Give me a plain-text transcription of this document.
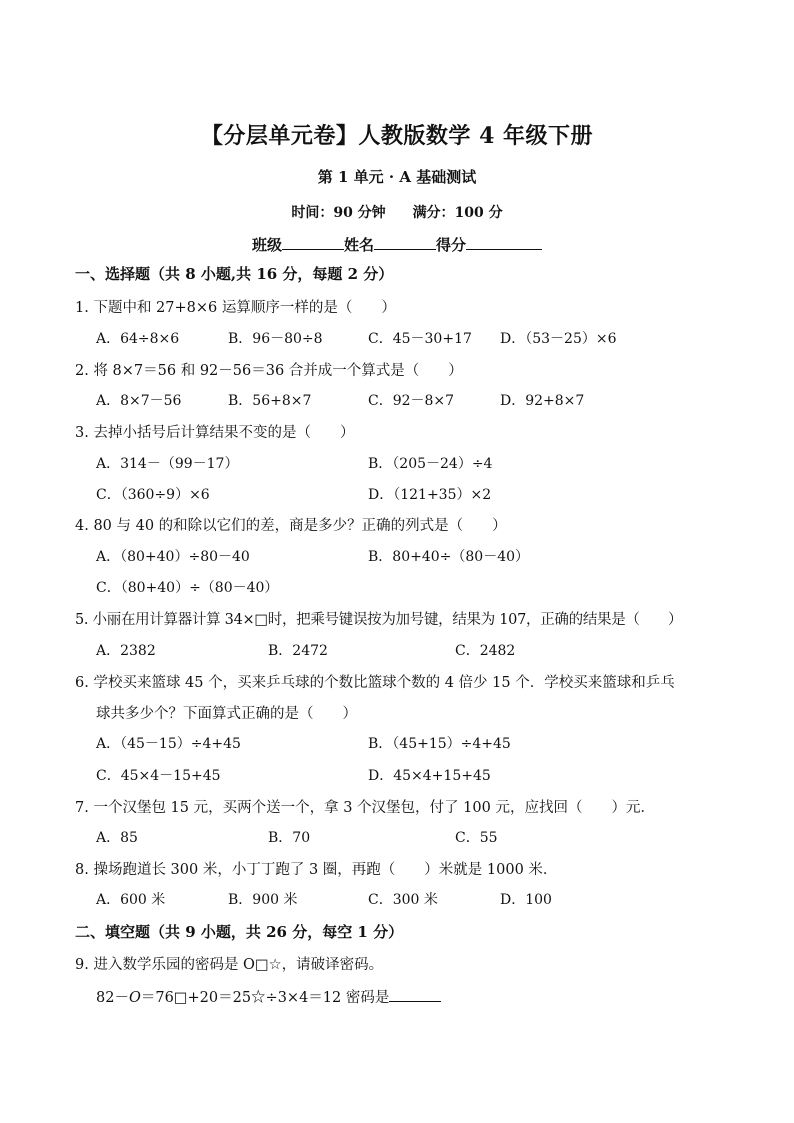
【分层单元卷】人教版数学 4 年级下册
第 1 单元 · A 基础测试
时间：90 分钟 满分：100 分
班级	姓名	得分
一、选择题（共 8 小题,共 16 分，每题 2 分）
1. 下题中和 27+8×6 运算顺序一样的是（　　）
A．64÷8×6	B．96－80÷8	C．45－30+17 D．（53－25）×6
2. 将 8×7＝56 和 92－56＝36 合并成一个算式是（　　）
A．8×7－56	B．56+8×7	C．92－8×7	D．92+8×7
3. 去掉小括号后计算结果不变的是（　　）
A．314－（99－17）	B．（205－24）÷4
C．（360÷9）×6	D．（121+35）×2
4. 80 与 40 的和除以它们的差，商是多少？正确的列式是（　　）
A．（80+40）÷80－40	B．80+40÷（80－40）
C．（80+40）÷（80－40）
5. 小丽在用计算器计算 34×□时，把乘号键误按为加号键，结果为 107，正确的结果是（　　）
A．2382	B．2472	C．2482
6. 学校买来篮球 45 个，买来乒乓球的个数比篮球个数的 4 倍少 15 个．学校买来篮球和乒乓
球共多少个？下面算式正确的是（　　）
A．（45－15）÷4+45	B．（45+15）÷4+45
C．45×4－15+45	D．45×4+15+45
7. 一个汉堡包 15 元，买两个送一个，拿 3 个汉堡包，付了 100 元，应找回（　　）元．
A．85	B．70	C．55
8. 操场跑道长 300 米，小丁丁跑了 3 圈，再跑（　　）米就是 1000 米．
A．600 米	B．900 米	C．300 米	D．100
二、填空题（共 9 小题，共 26 分，每空 1 分）
9. 进入数学乐园的密码是 O□☆，请破译密码。
82－O＝76□+20＝25☆÷3×4＝12 密码是
